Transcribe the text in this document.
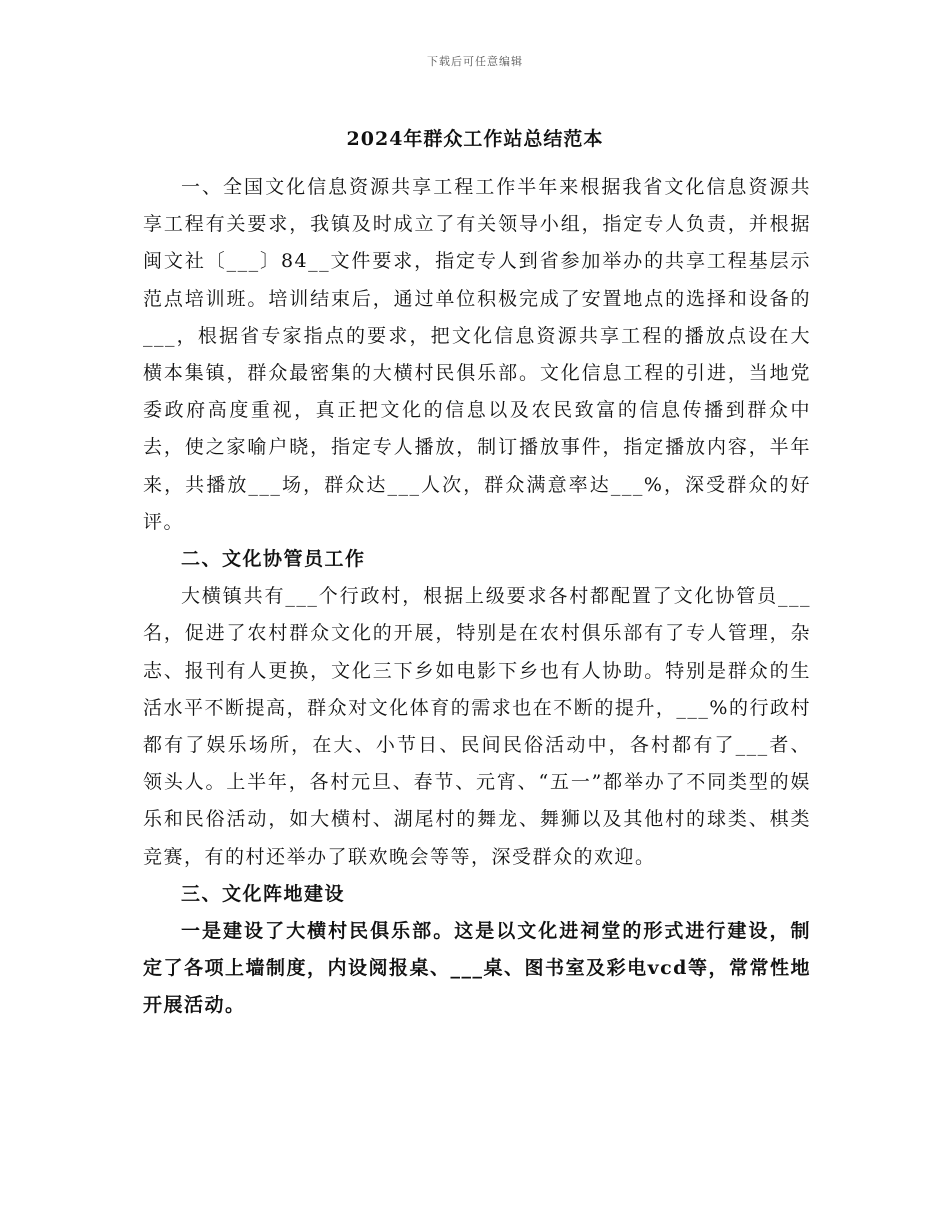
下载后可任意编辑
2024年群众工作站总结范本

一、全国文化信息资源共享工程工作半年来根据我省文化信息资源共享工程有关要求，我镇及时成立了有关领导小组，指定专人负责，并根据闽文社〔___〕84__文件要求，指定专人到省参加举办的共享工程基层示范点培训班。培训结束后，通过单位积极完成了安置地点的选择和设备的___，根据省专家指点的要求，把文化信息资源共享工程的播放点设在大横本集镇，群众最密集的大横村民俱乐部。文化信息工程的引进，当地党委政府高度重视，真正把文化的信息以及农民致富的信息传播到群众中去，使之家喻户晓，指定专人播放，制订播放事件，指定播放内容，半年来，共播放___场，群众达___人次，群众满意率达___%，深受群众的好评。

二、文化协管员工作

大横镇共有___个行政村，根据上级要求各村都配置了文化协管员___名，促进了农村群众文化的开展，特别是在农村俱乐部有了专人管理，杂志、报刊有人更换，文化三下乡如电影下乡也有人协助。特别是群众的生活水平不断提高，群众对文化体育的需求也在不断的提升，___%的行政村都有了娱乐场所，在大、小节日、民间民俗活动中，各村都有了___者、领头人。上半年，各村元旦、春节、元宵、“五一”都举办了不同类型的娱乐和民俗活动，如大横村、湖尾村的舞龙、舞狮以及其他村的球类、棋类竞赛，有的村还举办了联欢晚会等等，深受群众的欢迎。

三、文化阵地建设

一是建设了大横村民俱乐部。这是以文化进祠堂的形式进行建设，制定了各项上墙制度，内设阅报桌、___桌、图书室及彩电vcd等，常常性地开展活动。
